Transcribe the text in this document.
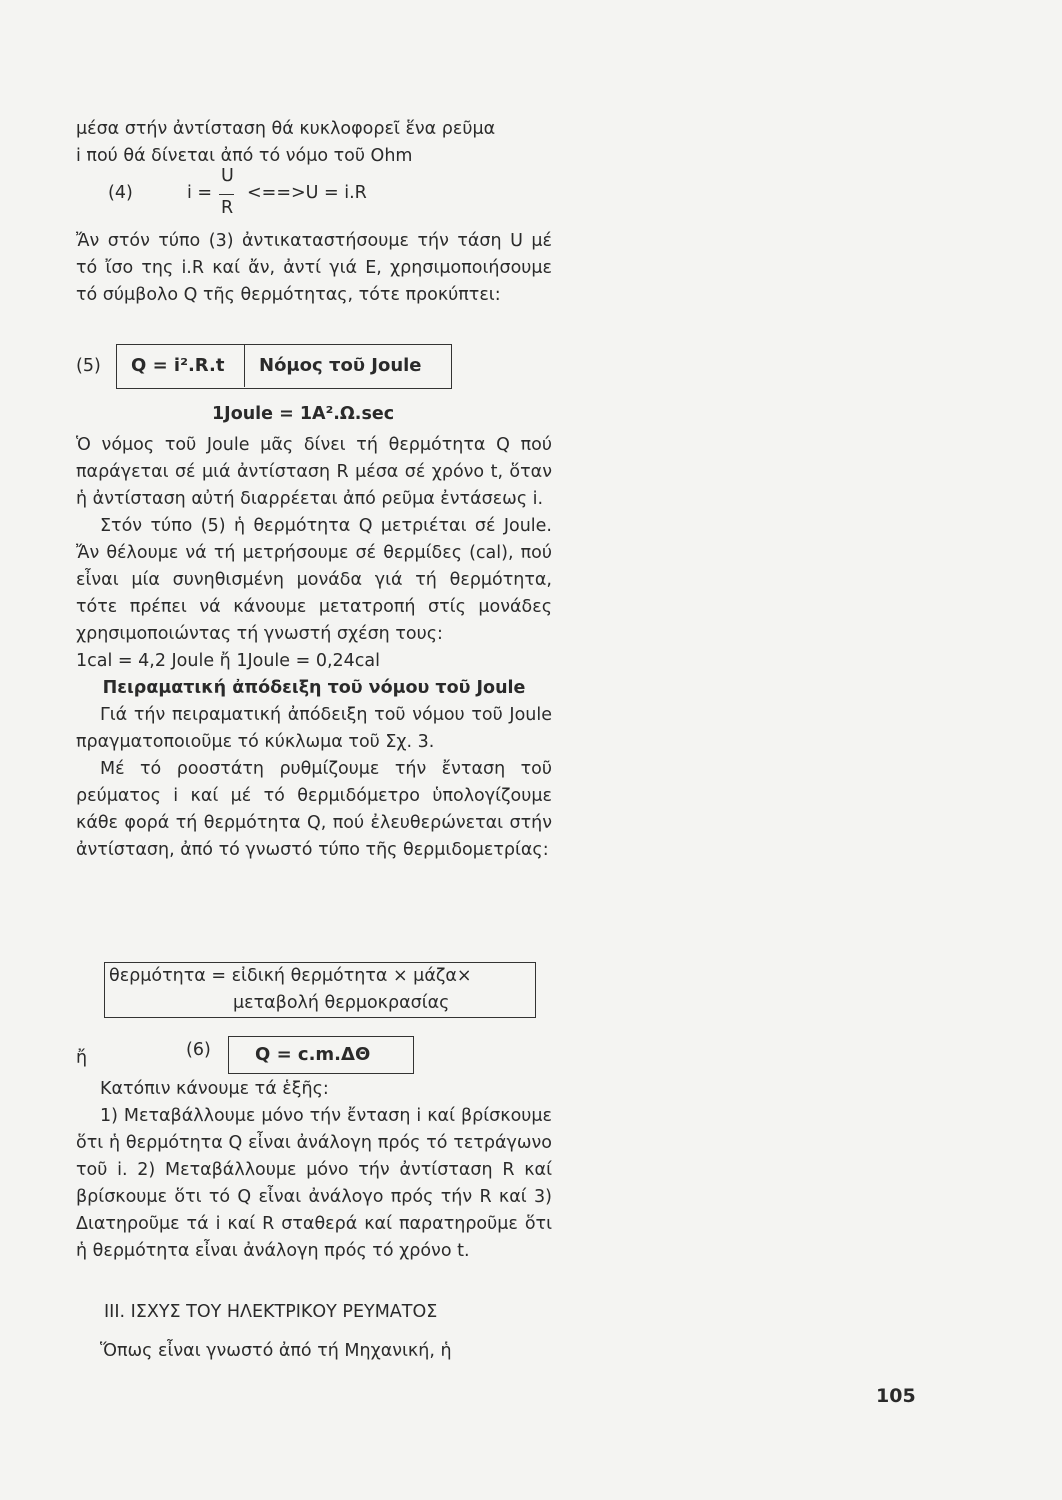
μέσα στήν ἀντίσταση θά κυκλοφορεῖ ἕνα ρεῦμα

i πού θά δίνεται ἀπό τό νόμο τοῦ Ohm

(4)	i =
U
R
<==>U = i.R

Ἄν στόν τύπο (3) ἀντικαταστήσουμε τήν τάση U μέ τό ἴσο της i.R καί ἄν, ἀντί γιά E, χρησιμοποιήσουμε τό σύμβολο Q τῆς θερμότητας, τότε προκύπτει:

(5) Q = i².R.t Νόμος τοῦ Joule
1Joule = 1A².Ω.sec

Ὁ νόμος τοῦ Joule μᾶς δίνει τή θερμότητα Q πού παράγεται σέ μιά ἀντίσταση R μέσα σέ χρόνο t, ὅταν ἡ ἀντίσταση αὐτή διαρρέεται ἀπό ρεῦμα ἐντάσεως i.

Στόν τύπο (5) ἡ θερμότητα Q μετριέται σέ Joule. Ἄν θέλουμε νά τή μετρήσουμε σέ θερμίδες (cal), πού εἶναι μία συνηθισμένη μονάδα γιά τή θερμότητα, τότε πρέπει νά κάνουμε μετατροπή στίς μονάδες χρησιμοποιώντας τή γνωστή σχέση τους:

1cal = 4,2 Joule ἤ 1Joule = 0,24cal

Πειραματική ἀπόδειξη τοῦ νόμου τοῦ Joule

Γιά τήν πειραματική ἀπόδειξη τοῦ νόμου τοῦ Joule πραγματοποιοῦμε τό κύκλωμα τοῦ Σχ. 3.

Μέ τό ροοστάτη ρυθμίζουμε τήν ἔνταση τοῦ ρεύματος i καί μέ τό θερμιδόμετρο ὑπολογίζουμε κάθε φορά τή θερμότητα Q, πού ἐλευθερώνεται στήν ἀντίσταση, ἀπό τό γνωστό τύπο τῆς θερμιδομετρίας:

θερμότητα = εἰδική θερμότητα × μάζα×
μεταβολή θερμοκρασίας
ἤ	(6)	Q = c.m.ΔΘ

Κατόπιν κάνουμε τά ἑξῆς:

1) Μεταβάλλουμε μόνο τήν ἔνταση i καί βρίσκουμε ὅτι ἡ θερμότητα Q εἶναι ἀνάλογη πρός τό τετράγωνο τοῦ i. 2) Μεταβάλλουμε μόνο τήν ἀντίσταση R καί βρίσκουμε ὅτι τό Q εἶναι ἀνάλογο πρός τήν R καί 3) Διατηροῦμε τά i καί R σταθερά καί παρατηροῦμε ὅτι ἡ θερμότητα εἶναι ἀνάλογη πρός τό χρόνο t.

III. ΙΣΧΥΣ ΤΟΥ ΗΛΕΚΤΡΙΚΟΥ ΡΕΥΜΑΤΟΣ

Ὅπως εἶναι γνωστό ἀπό τή Μηχανική, ἡ

105
